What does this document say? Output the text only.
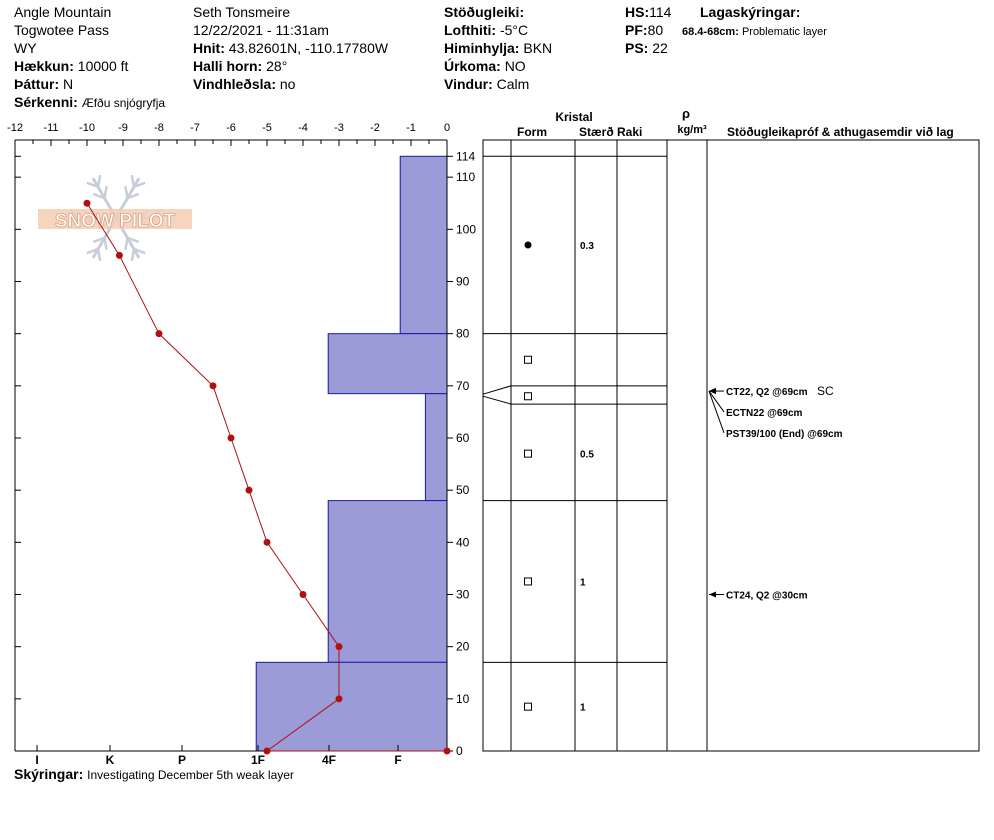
Angle Mountain
Togwotee Pass
WY
Hækkun: 10000 ft
Þáttur: N
Sérkenni: Æfðu snjógryfja
Seth Tonsmeire
12/22/2021 - 11:31am
Hnit: 43.82601N, -110.17780W
Halli horn: 28°
Vindhleðsla: no
Stöðugleiki:
Lofthiti: -5°C
Himinhylja: BKN
Úrkoma: NO
Vindur: Calm
HS:114
PF:80
PS: 22
Lagaskýringar:
68.4-68cm: Problematic layer
Skýringar: Investigating December 5th weak layer
SNOW PILOT
-12 -11 -10 -9 -8 -7 -6 -5 -4 -3 -2 -1	0
0
10
20
30
40
50
60
70
80
90
100
110
114
I	K	P	1F	4F	F
Kristal
Form	Stærð Raki
ρ
kg/m³ Stöðugleikapróf & athugasemdir við lag
0.3
0.5
1
1
CT22, Q2 @69cm SC
ECTN22 @69cm
PST39/100 (End) @69cm
CT24, Q2 @30cm
